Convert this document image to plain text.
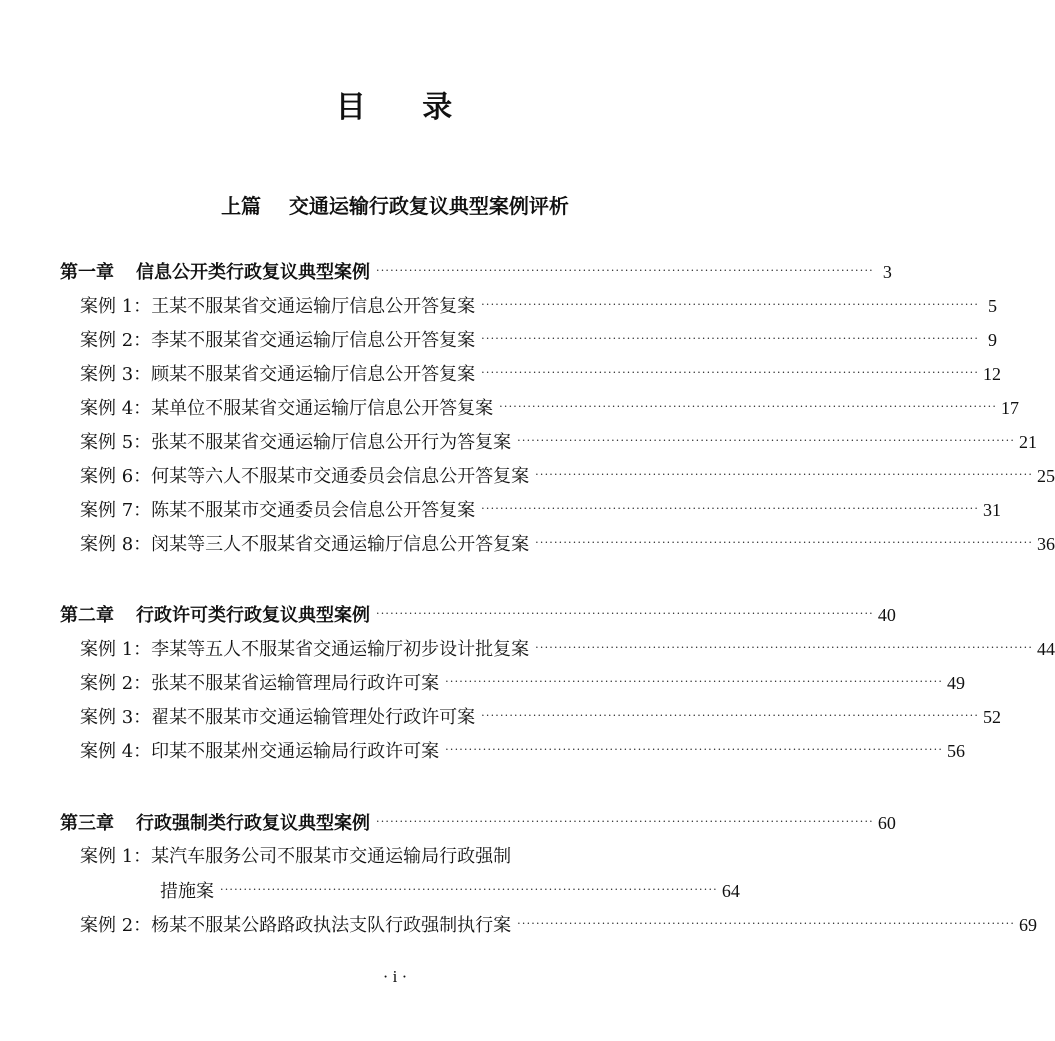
目 录
上篇    交通运输行政复议典型案例评析
第一章 信息公开类行政复议典型案例 ·········································································································· 3
案例 1：王某不服某省交通运输厅信息公开答复案 ·········································································································· 5
案例 2：李某不服某省交通运输厅信息公开答复案 ·········································································································· 9
案例 3：顾某不服某省交通运输厅信息公开答复案 ·········································································································· 12
案例 4：某单位不服某省交通运输厅信息公开答复案 ·········································································································· 17
案例 5：张某不服某省交通运输厅信息公开行为答复案 ·········································································································· 21
案例 6：何某等六人不服某市交通委员会信息公开答复案 ·········································································································· 25
案例 7：陈某不服某市交通委员会信息公开答复案 ·········································································································· 31
案例 8：闵某等三人不服某省交通运输厅信息公开答复案 ·········································································································· 36
第二章 行政许可类行政复议典型案例 ·········································································································· 40
案例 1：李某等五人不服某省交通运输厅初步设计批复案 ·········································································································· 44
案例 2：张某不服某省运输管理局行政许可案 ·········································································································· 49
案例 3：翟某不服某市交通运输管理处行政许可案 ·········································································································· 52
案例 4：印某不服某州交通运输局行政许可案 ·········································································································· 56
第三章 行政强制类行政复议典型案例 ·········································································································· 60
案例 1：某汽车服务公司不服某市交通运输局行政强制
措施案 ·········································································································· 64
案例 2：杨某不服某公路路政执法支队行政强制执行案 ·········································································································· 69
· i ·
